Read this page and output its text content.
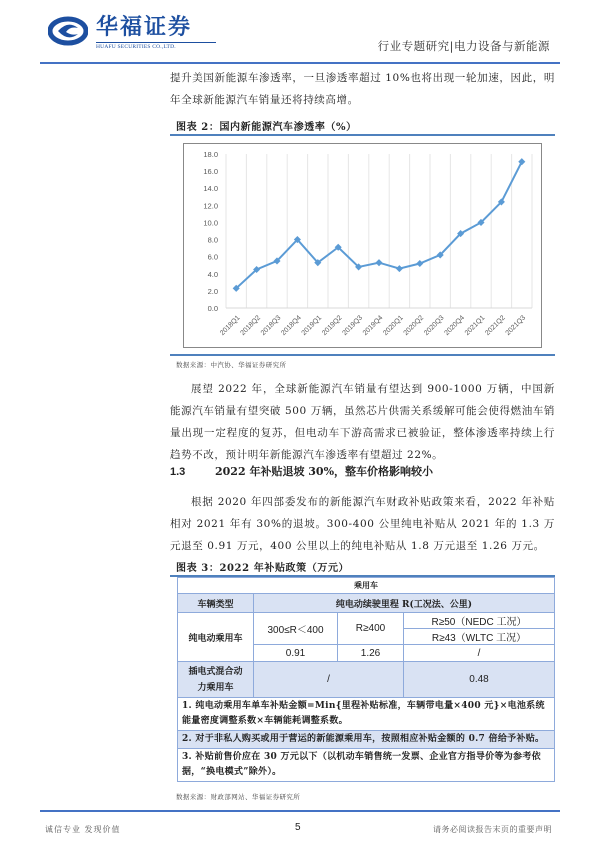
华福证券
HUAFU SECURITIES CO.,LTD.	行业专题研究|电力设备与新能源
提升美国新能源车渗透率，一旦渗透率超过 10%也将出现一轮加速，因此，明年全球新能源汽车销量还将持续高增。
图表 2：国内新能源汽车渗透率（%）
0.0
2.0
4.0
6.0
8.0
10.0
12.0
14.0
16.0
18.0
2018Q1
2018Q2
2018Q3
2018Q4
2019Q1
2019Q2
2019Q3
2019Q4
2020Q1
2020Q2
2020Q3
2020Q4
2021Q1
2021Q2
2021Q3
数据来源：中汽协、华福证券研究所
展望 2022 年，全球新能源汽车销量有望达到 900-1000 万辆，中国新能源汽车销量有望突破 500 万辆，虽然芯片供需关系缓解可能会使得燃油车销量出现一定程度的复苏，但电动车下游高需求已被验证，整体渗透率持续上行趋势不改，预计明年新能源汽车渗透率有望超过 22%。
1.3	2022 年补贴退坡 30%，整车价格影响较小
根据 2020 年四部委发布的新能源汽车财政补贴政策来看，2022 年补贴相对 2021 年有 30%的退坡。300-400 公里纯电补贴从 2021 年的 1.3 万元退至 0.91 万元，400 公里以上的纯电补贴从 1.8 万元退至 1.26 万元。
图表 3：2022 年补贴政策（万元）
乘用车			
车辆类型	纯电动续驶里程 R(工况法、公里)		
纯电动乘用车	300≤R＜400	R≥400	R≥50（NEDC 工况）
			R≥43（WLTC 工况）
	0.91	1.26	/
插电式混合动力乘用车	/		0.48
1. 纯电动乘用车单车补贴金额=Min{里程补贴标准，车辆带电量×400 元}×电池系统能量密度调整系数×车辆能耗调整系数。			
2. 对于非私人购买或用于营运的新能源乘用车，按照相应补贴金额的 0.7 倍给予补贴。			
3. 补贴前售价应在 30 万元以下（以机动车销售统一发票、企业官方指导价等为参考依据，“换电模式”除外）。			
数据来源：财政部网站、华福证券研究所
诚信专业 发现价值	5	请务必阅读报告末页的重要声明
